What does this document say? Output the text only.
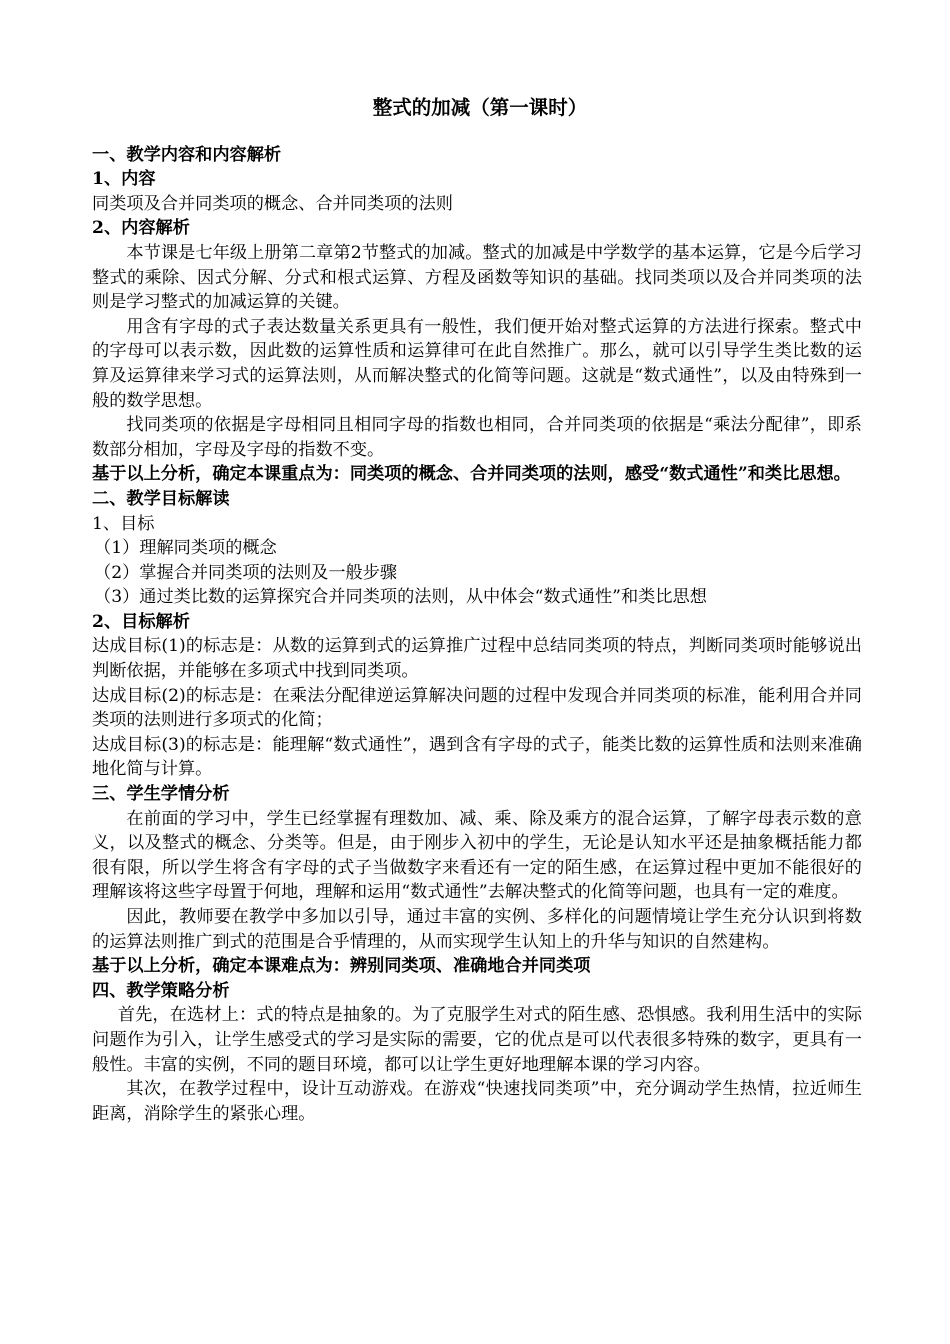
整式的加减（第一课时）
一、教学内容和内容解析
1、内容
同类项及合并同类项的概念、合并同类项的法则
2、内容解析
本节课是七年级上册第二章第2节整式的加减。整式的加减是中学数学的基本运算，它是今后学习整式的乘除、因式分解、分式和根式运算、方程及函数等知识的基础。找同类项以及合并同类项的法则是学习整式的加减运算的关键。
用含有字母的式子表达数量关系更具有一般性，我们便开始对整式运算的方法进行探索。整式中的字母可以表示数，因此数的运算性质和运算律可在此自然推广。那么，就可以引导学生类比数的运算及运算律来学习式的运算法则，从而解决整式的化简等问题。这就是“数式通性”，以及由特殊到一般的数学思想。
找同类项的依据是字母相同且相同字母的指数也相同，合并同类项的依据是“乘法分配律”，即系数部分相加，字母及字母的指数不变。
基于以上分析，确定本课重点为：同类项的概念、合并同类项的法则，感受“数式通性”和类比思想。
二、教学目标解读
1、目标
（1）理解同类项的概念
（2）掌握合并同类项的法则及一般步骤
（3）通过类比数的运算探究合并同类项的法则，从中体会“数式通性”和类比思想
2、目标解析
达成目标(1)的标志是：从数的运算到式的运算推广过程中总结同类项的特点，判断同类项时能够说出判断依据，并能够在多项式中找到同类项。
达成目标(2)的标志是：在乘法分配律逆运算解决问题的过程中发现合并同类项的标准，能利用合并同类项的法则进行多项式的化简；
达成目标(3)的标志是：能理解“数式通性”，遇到含有字母的式子，能类比数的运算性质和法则来准确地化简与计算。
三、学生学情分析
在前面的学习中，学生已经掌握有理数加、减、乘、除及乘方的混合运算，了解字母表示数的意义，以及整式的概念、分类等。但是，由于刚步入初中的学生，无论是认知水平还是抽象概括能力都很有限，所以学生将含有字母的式子当做数字来看还有一定的陌生感，在运算过程中更加不能很好的理解该将这些字母置于何地，理解和运用“数式通性”去解决整式的化简等问题，也具有一定的难度。
因此，教师要在教学中多加以引导，通过丰富的实例、多样化的问题情境让学生充分认识到将数的运算法则推广到式的范围是合乎情理的，从而实现学生认知上的升华与知识的自然建构。
基于以上分析，确定本课难点为：辨别同类项、准确地合并同类项
四、教学策略分析
首先，在选材上：式的特点是抽象的。为了克服学生对式的陌生感、恐惧感。我利用生活中的实际问题作为引入，让学生感受式的学习是实际的需要，它的优点是可以代表很多特殊的数字，更具有一般性。丰富的实例，不同的题目环境，都可以让学生更好地理解本课的学习内容。
其次，在教学过程中，设计互动游戏。在游戏“快速找同类项”中，充分调动学生热情，拉近师生距离，消除学生的紧张心理。
